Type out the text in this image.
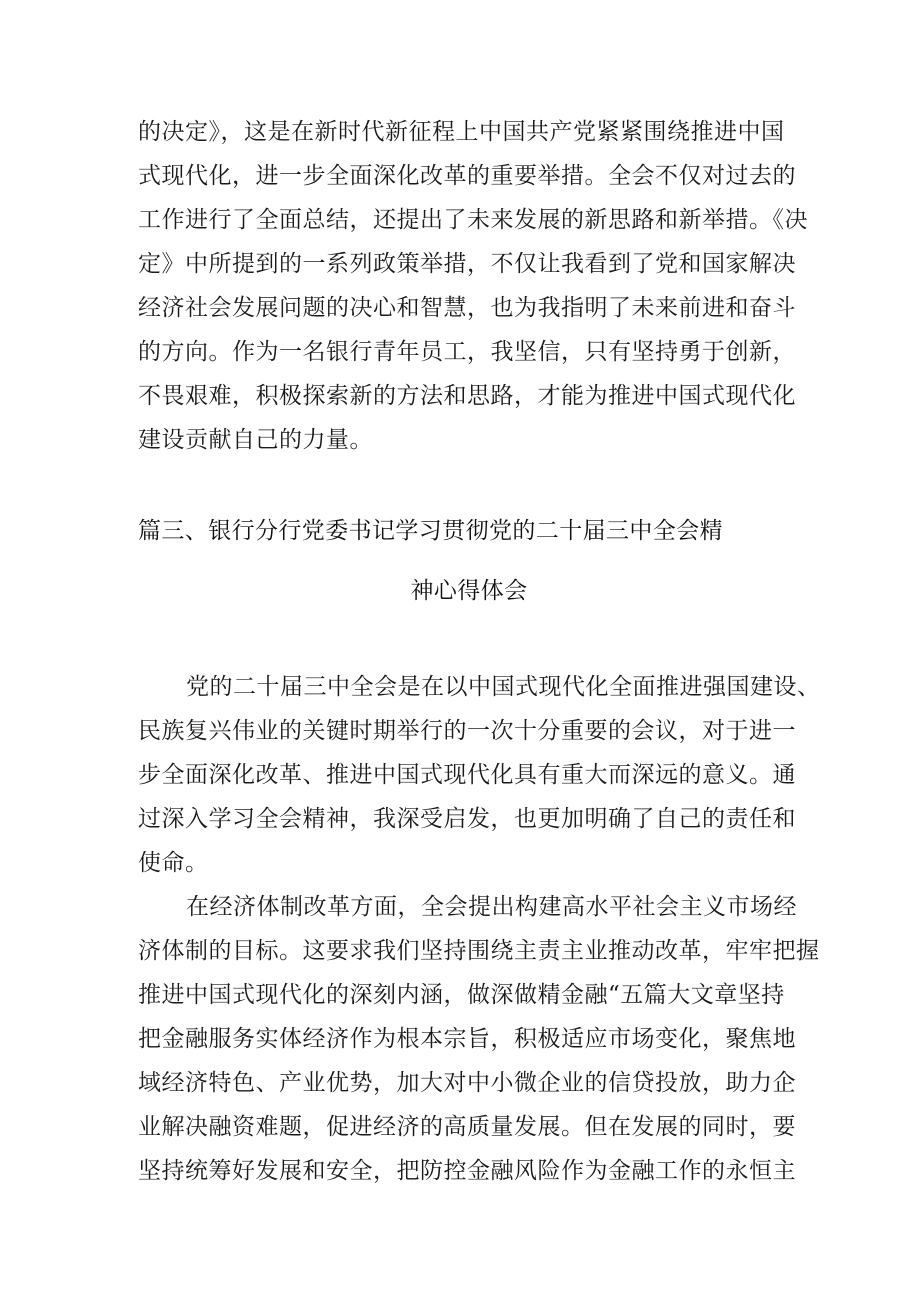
的决定》，这是在新时代新征程上中国共产党紧紧围绕推进中国
式现代化，进一步全面深化改革的重要举措。全会不仅对过去的
工作进行了全面总结，还提出了未来发展的新思路和新举措。《决
定》中所提到的一系列政策举措，不仅让我看到了党和国家解决
经济社会发展问题的决心和智慧，也为我指明了未来前进和奋斗
的方向。作为一名银行青年员工，我坚信，只有坚持勇于创新，
不畏艰难，积极探索新的方法和思路，才能为推进中国式现代化
建设贡献自己的力量。
篇三、银行分行党委书记学习贯彻党的二十届三中全会精
神心得体会
党的二十届三中全会是在以中国式现代化全面推进强国建设、
民族复兴伟业的关键时期举行的一次十分重要的会议，对于进一
步全面深化改革、推进中国式现代化具有重大而深远的意义。通
过深入学习全会精神，我深受启发，也更加明确了自己的责任和
使命。
在经济体制改革方面，全会提出构建高水平社会主义市场经
济体制的目标。这要求我们坚持围绕主责主业推动改革，牢牢把握
推进中国式现代化的深刻内涵，做深做精金融“五篇大文章坚持
把金融服务实体经济作为根本宗旨，积极适应市场变化，聚焦地
域经济特色、产业优势，加大对中小微企业的信贷投放，助力企
业解决融资难题，促进经济的高质量发展。但在发展的同时，要
坚持统筹好发展和安全，把防控金融风险作为金融工作的永恒主
